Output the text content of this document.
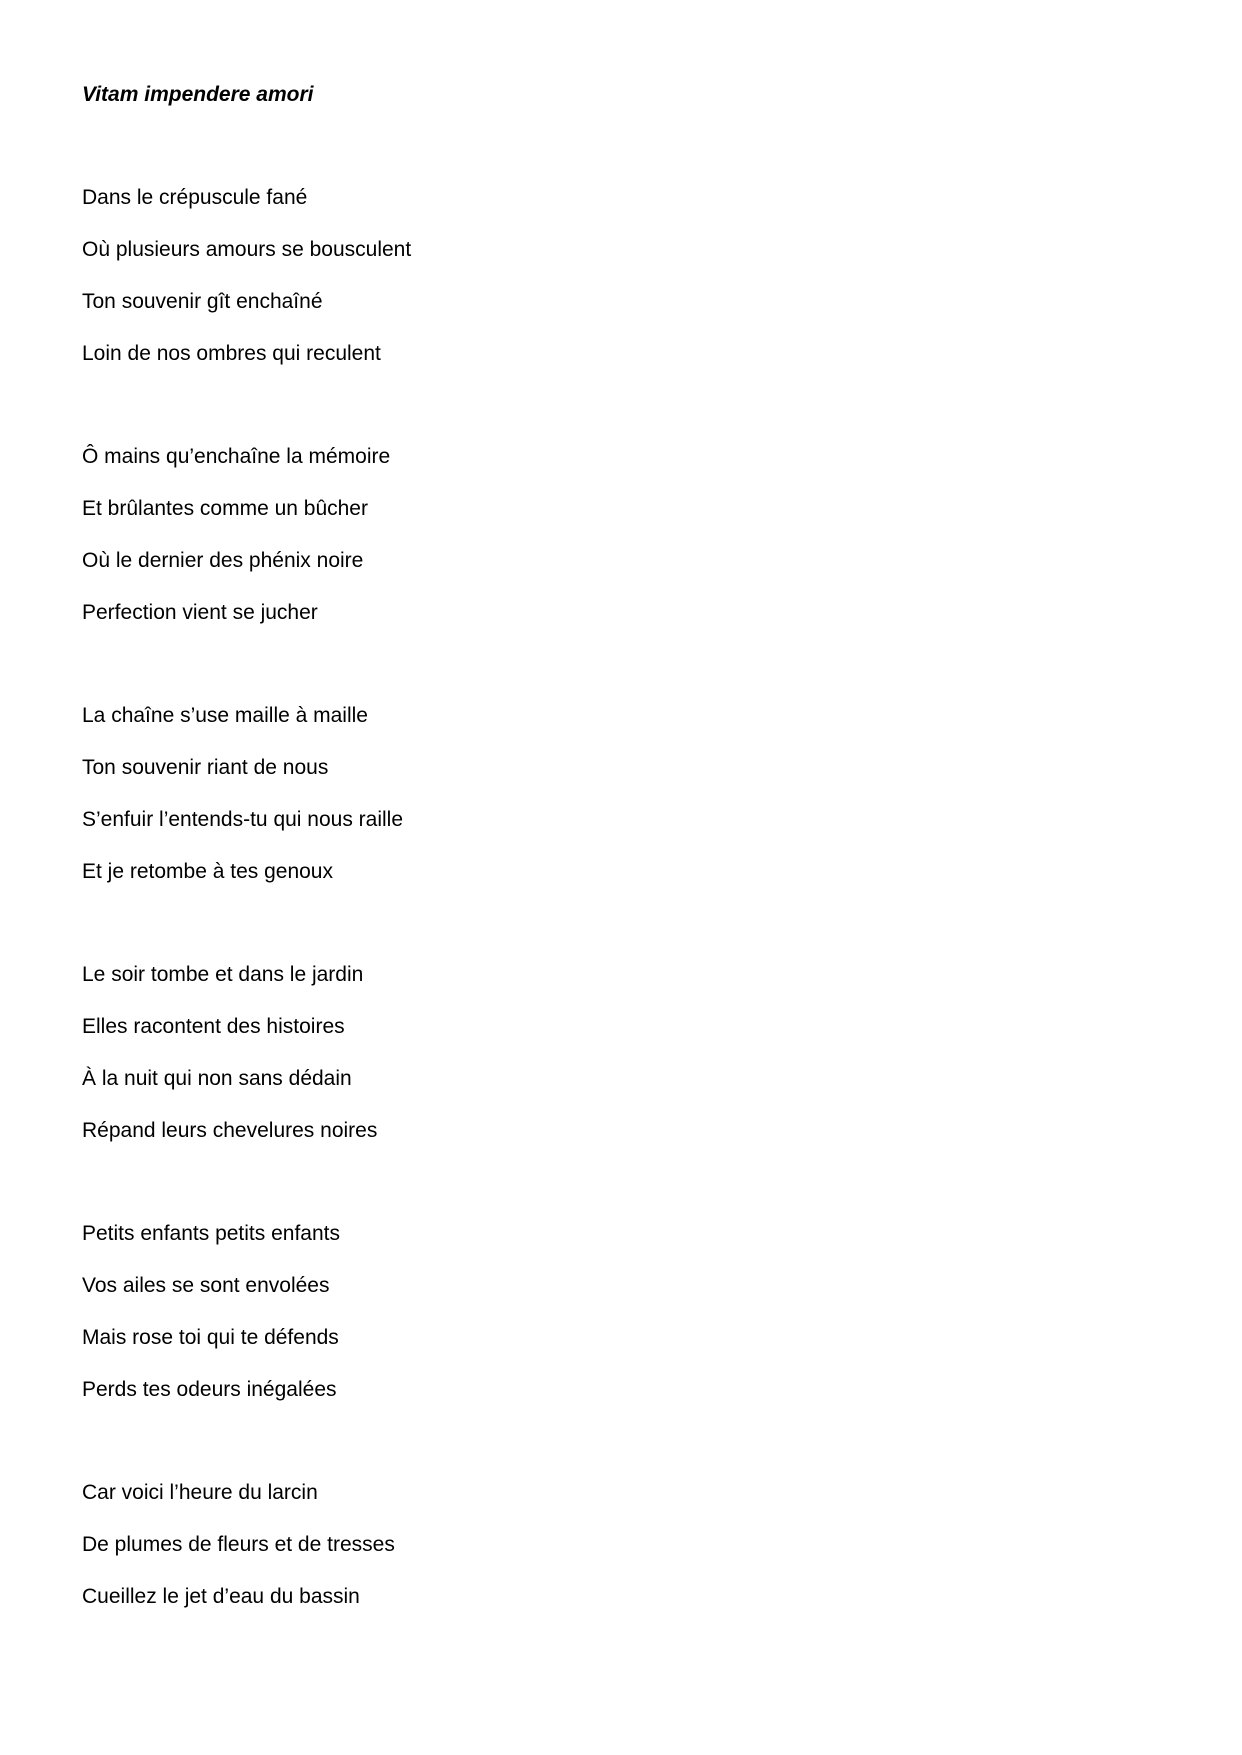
Vitam impendere amori
Dans le crépuscule fané
Où plusieurs amours se bousculent
Ton souvenir gît enchaîné
Loin de nos ombres qui reculent
Ô mains qu’enchaîne la mémoire
Et brûlantes comme un bûcher
Où le dernier des phénix noire
Perfection vient se jucher
La chaîne s’use maille à maille
Ton souvenir riant de nous
S’enfuir l’entends-tu qui nous raille
Et je retombe à tes genoux
Le soir tombe et dans le jardin
Elles racontent des histoires
À la nuit qui non sans dédain
Répand leurs chevelures noires
Petits enfants petits enfants
Vos ailes se sont envolées
Mais rose toi qui te défends
Perds tes odeurs inégalées
Car voici l’heure du larcin
De plumes de fleurs et de tresses
Cueillez le jet d’eau du bassin
